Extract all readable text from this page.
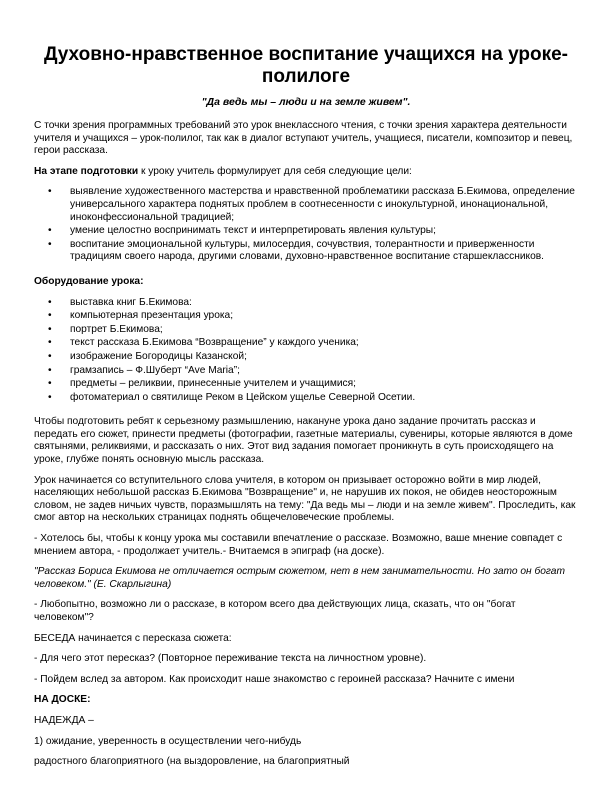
Духовно-нравственное воспитание учащихся на уроке-полилоге
"Да ведь мы – люди и на земле живем".

С точки зрения программных требований это урок внеклассного чтения, с точки зрения характера деятельности учителя и учащихся – урок-полилог, так как в диалог вступают учитель, учащиеся, писатели, композитор и певец, герои рассказа.

На этапе подготовки к уроку учитель формулирует для себя следующие цели:

• выявление художественного мастерства и нравственной проблематики рассказа Б.Екимова, определение универсального характера поднятых проблем в соотнесенности с инокультурной, инонациональной, иноконфессиональной традицией;
• умение целостно воспринимать текст и интерпретировать явления культуры;
• воспитание эмоциональной культуры, милосердия, сочувствия, толерантности и приверженности традициям своего народа, другими словами, духовно-нравственное воспитание старшеклассников.

Оборудование урока:

• выставка книг Б.Екимова:
• компьютерная презентация урока;
• портрет Б.Екимова;
• текст рассказа Б.Екимова “Возвращение” у каждого ученика;
• изображение Богородицы Казанской;
• грамзапись – Ф.Шуберт “Ave Maria”;
• предметы – реликвии, принесенные учителем и учащимися;
• фотоматериал о святилище Реком в Цейском ущелье Северной Осетии.

Чтобы подготовить ребят к серьезному размышлению, накануне урока дано задание прочитать рассказ и передать его сюжет, принести предметы (фотографии, газетные материалы, сувениры, которые являются в доме святынями, реликвиями, и рассказать о них. Этот вид задания помогает проникнуть в суть происходящего на уроке, глубже понять основную мысль рассказа.

Урок начинается со вступительного слова учителя, в котором он призывает осторожно войти в мир людей, населяющих небольшой рассказ Б.Екимова "Возвращение" и, не нарушив их покоя, не обидев неосторожным словом, не задев ничьих чувств, поразмышлять на тему: "Да ведь мы – люди и на земле живем". Проследить, как смог автор на нескольких страницах поднять общечеловеческие проблемы.

- Хотелось бы, чтобы к концу урока мы составили впечатление о рассказе. Возможно, ваше мнение совпадет с мнением автора, - продолжает учитель.- Вчитаемся в эпиграф (на доске).

"Рассказ Бориса Екимова не отличается острым сюжетом, нет в нем занимательности. Но зато он богат человеком." (Е. Скарлыгина)

- Любопытно, возможно ли о рассказе, в котором всего два действующих лица, сказать, что он "богат человеком"?

БЕСЕДА начинается с пересказа сюжета:

- Для чего этот пересказ? (Повторное переживание текста на личностном уровне).

- Пойдем вслед за автором. Как происходит наше знакомство с героиней рассказа? Начните с имени

НА ДОСКЕ:

НАДЕЖДА –

1) ожидание, уверенность в осуществлении чего-нибудь

радостного благоприятного (на выздоровление, на благоприятный
